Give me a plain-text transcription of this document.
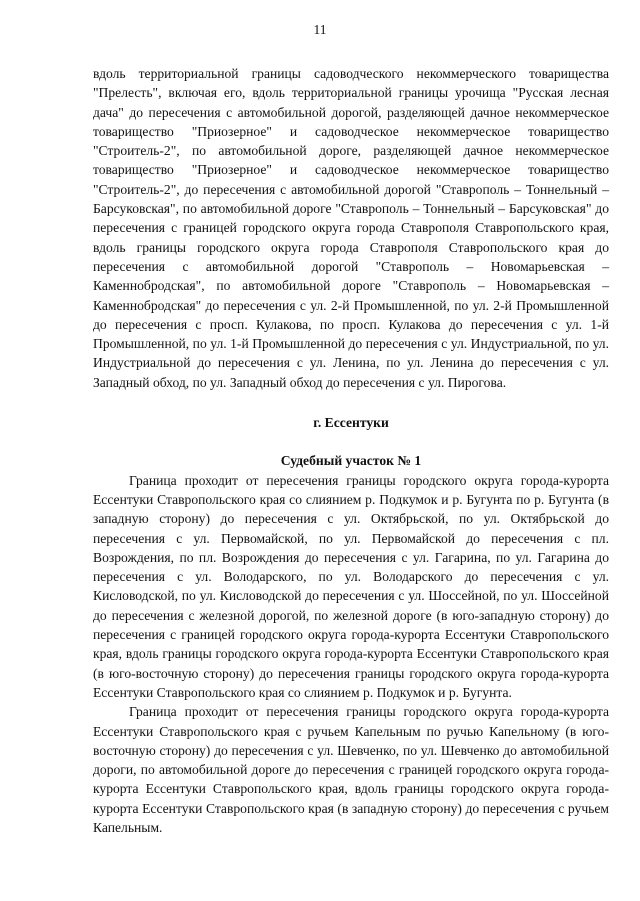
11

вдоль территориальной границы садоводческого некоммерческого товарищества "Прелесть", включая его, вдоль территориальной границы урочища "Русская лесная дача" до пересечения с автомобильной дорогой, разделяющей дачное некоммерческое товарищество "Приозерное" и садоводческое некоммерческое товарищество "Строитель-2", по автомобильной дороге, разделяющей дачное некоммерческое товарищество "Приозерное" и садоводческое некоммерческое товарищество "Строитель-2", до пересечения с автомобильной дорогой "Ставрополь – Тоннельный – Барсуковская", по автомобильной дороге "Ставрополь – Тоннельный – Барсуковская" до пересечения с границей городского округа города Ставрополя Ставропольского края, вдоль границы городского округа города Ставрополя Ставропольского края до пересечения с автомобильной дорогой "Ставрополь – Новомарьевская – Каменнобродская", по автомобильной дороге "Ставрополь – Новомарьевская – Каменнобродская" до пересечения с ул. 2-й Промышленной, по ул. 2-й Промышленной до пересечения с просп. Кулакова, по просп. Кулакова до пересечения с ул. 1-й Промышленной, по ул. 1-й Промышленной до пересечения с ул. Индустриальной, по ул. Индустриальной до пересечения с ул. Ленина, по ул. Ленина до пересечения с ул. Западный обход, по ул. Западный обход до пересечения с ул. Пирогова.

г. Ессентуки

Судебный участок № 1

Граница проходит от пересечения границы городского округа города-курорта Ессентуки Ставропольского края со слиянием р. Подкумок и р. Бугунта по р. Бугунта (в западную сторону) до пересечения с ул. Октябрьской, по ул. Октябрьской до пересечения с ул. Первомайской, по ул. Первомайской до пересечения с пл. Возрождения, по пл. Возрождения до пересечения с ул. Гагарина, по ул. Гагарина до пересечения с ул. Володарского, по ул. Володарского до пересечения с ул. Кисловодской, по ул. Кисловодской до пересечения с ул. Шоссейной, по ул. Шоссейной до пересечения с железной дорогой, по железной дороге (в юго-западную сторону) до пересечения с границей городского округа города-курорта Ессентуки Ставропольского края, вдоль границы городского округа города-курорта Ессентуки Ставропольского края (в юго-восточную сторону) до пересечения границы городского округа города-курорта Ессентуки Ставропольского края со слиянием р. Подкумок и р. Бугунта.

Граница проходит от пересечения границы городского округа города-курорта Ессентуки Ставропольского края с ручьем Капельным по ручью Капельному (в юго-восточную сторону) до пересечения с ул. Шевченко, по ул. Шевченко до автомобильной дороги, по автомобильной дороге до пересечения с границей городского округа города-курорта Ессентуки Ставропольского края, вдоль границы городского округа города-курорта Ессентуки Ставропольского края (в западную сторону) до пересечения с ручьем Капельным.
